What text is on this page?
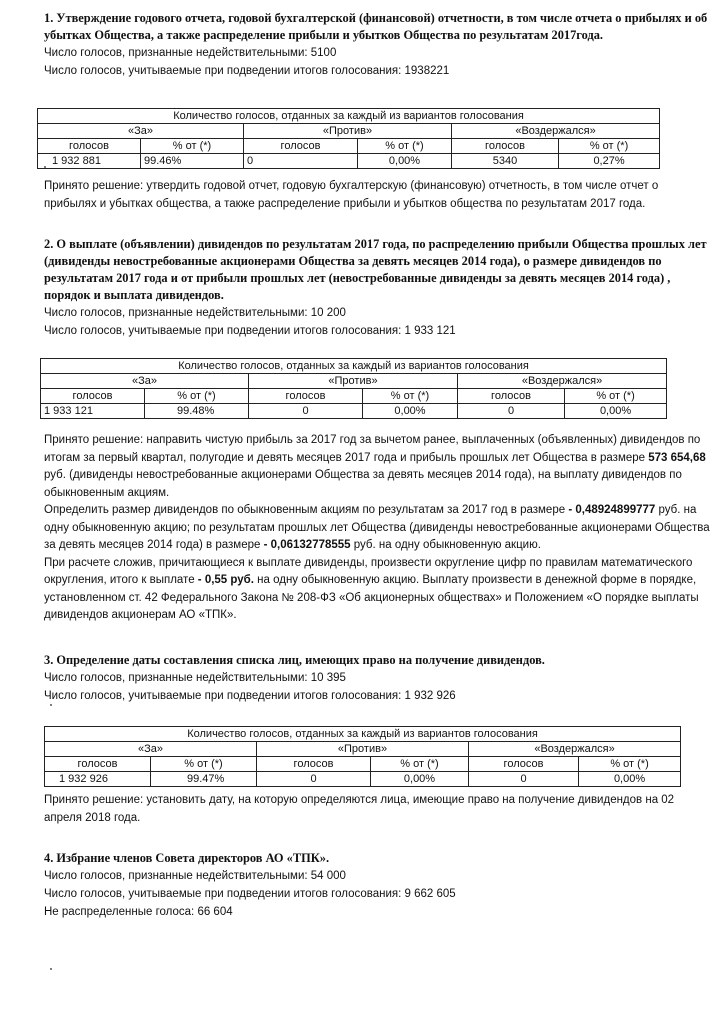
1. Утверждение годового отчета, годовой бухгалтерской (финансовой) отчетности, в том числе отчета о прибылях и об убытках Общества, а также распределение прибыли и убытков Общества по результатам 2017года.

Число голосов, признанные недействительными: 5100

Число голосов, учитываемые при подведении итогов голосования: 1938221

Количество голосов, отданных за каждый из вариантов голосования					
«За»		«Против»		«Воздержался»	
голосов	% от (*)	голосов	% от (*)	голосов	% от (*)
1 932 881	99.46%	0	0,00%	5340	0,27%

Принято решение: утвердить годовой отчет, годовую бухгалтерскую (финансовую) отчетность, в том числе отчет о прибылях и убытках общества, а также распределение прибыли и убытков общества по результатам 2017 года.

2. О выплате (объявлении) дивидендов по результатам 2017 года, по распределению прибыли Общества прошлых лет (дивиденды невостребованные акционерами Общества за девять месяцев 2014 года), о размере дивидендов по результатам 2017 года и от прибыли прошлых лет (невостребованные дивиденды за девять месяцев 2014 года) , порядок и выплата дивидендов.

Число голосов, признанные недействительными: 10 200

Число голосов, учитываемые при подведении итогов голосования: 1 933 121

Количество голосов, отданных за каждый из вариантов голосования					
«За»		«Против»		«Воздержался»	
голосов	% от (*)	голосов	% от (*)	голосов	% от (*)
1 933 121	99.48%	0	0,00%	0	0,00%

Принято решение: направить чистую прибыль за 2017 год за вычетом ранее, выплаченных (объявленных) дивидендов по итогам за первый квартал, полугодие и девять месяцев 2017 года и прибыль прошлых лет Общества в размере 573 654,68 руб. (дивиденды невостребованные акционерами Общества за девять месяцев 2014 года), на выплату дивидендов по обыкновенным акциям.

Определить размер дивидендов по обыкновенным акциям по результатам за 2017 год в размере - 0,48924899777 руб. на одну обыкновенную акцию; по результатам прошлых лет Общества (дивиденды невостребованные акционерами Общества за девять месяцев 2014 года) в размере - 0,06132778555 руб. на одну обыкновенную акцию.

При расчете сложив, причитающиеся к выплате дивиденды, произвести округление цифр по правилам математического округления, итого к выплате - 0,55 руб. на одну обыкновенную акцию. Выплату произвести в денежной форме в порядке, установленном ст. 42 Федерального Закона № 208-ФЗ «Об акционерных обществах» и Положением «О порядке выплаты дивидендов акционерам АО «ТПК».

3. Определение даты составления списка лиц, имеющих право на получение дивидендов.

Число голосов, признанные недействительными: 10 395

Число голосов, учитываемые при подведении итогов голосования: 1 932 926

Количество голосов, отданных за каждый из вариантов голосования					
«За»		«Против»		«Воздержался»	
голосов	% от (*)	голосов	% от (*)	голосов	% от (*)
1 932 926	99.47%	0	0,00%	0	0,00%

Принято решение: установить дату, на которую определяются лица, имеющие право на получение дивидендов на 02 апреля 2018 года.

4. Избрание членов Совета директоров АО «ТПК».

Число голосов, признанные недействительными: 54 000

Число голосов, учитываемые при подведении итогов голосования: 9 662 605

Не распределенные голоса: 66 604
